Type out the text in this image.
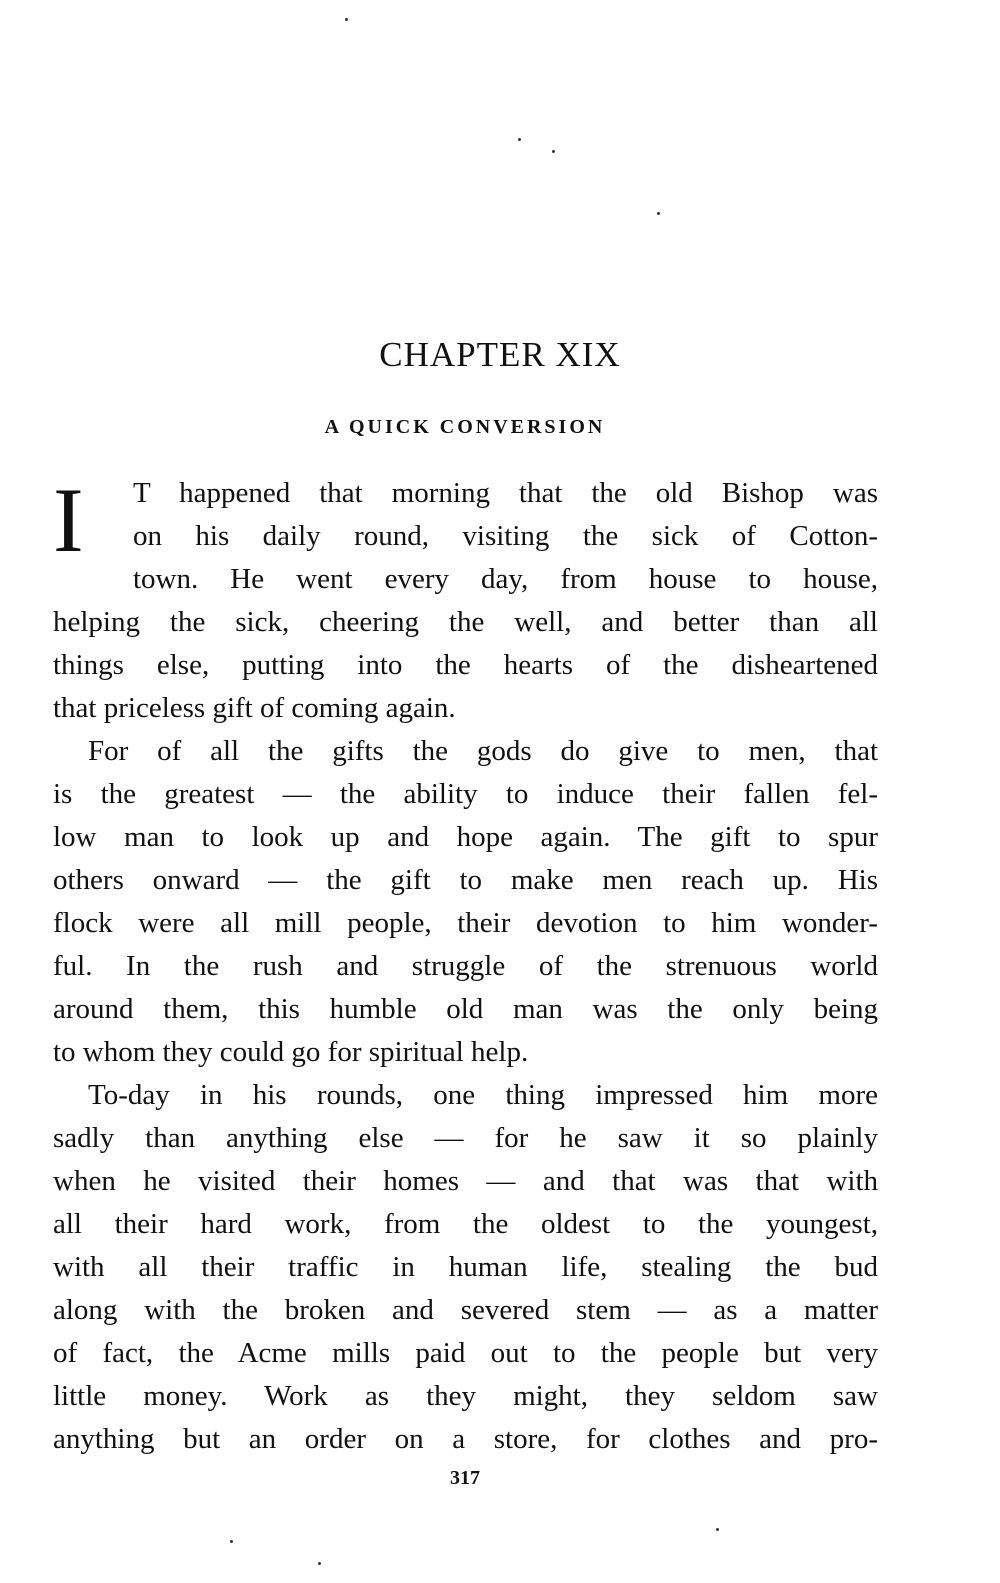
CHAPTER XIX
A QUICK CONVERSION
I	T happened that morning that the old Bishop was
on his daily round, visiting the sick of Cotton-
town. He went every day, from house to house,
helping the sick, cheering the well, and better than all
things else, putting into the hearts of the disheartened
that priceless gift of coming again.
For of all the gifts the gods do give to men, that
is the greatest — the ability to induce their fallen fel-
low man to look up and hope again. The gift to spur
others onward — the gift to make men reach up. His
flock were all mill people, their devotion to him wonder-
ful. In the rush and struggle of the strenuous world
around them, this humble old man was the only being
to whom they could go for spiritual help.
To-day in his rounds, one thing impressed him more
sadly than anything else — for he saw it so plainly
when he visited their homes — and that was that with
all their hard work, from the oldest to the youngest,
with all their traffic in human life, stealing the bud
along with the broken and severed stem — as a matter
of fact, the Acme mills paid out to the people but very
little money. Work as they might, they seldom saw
anything but an order on a store, for clothes and pro-
317
